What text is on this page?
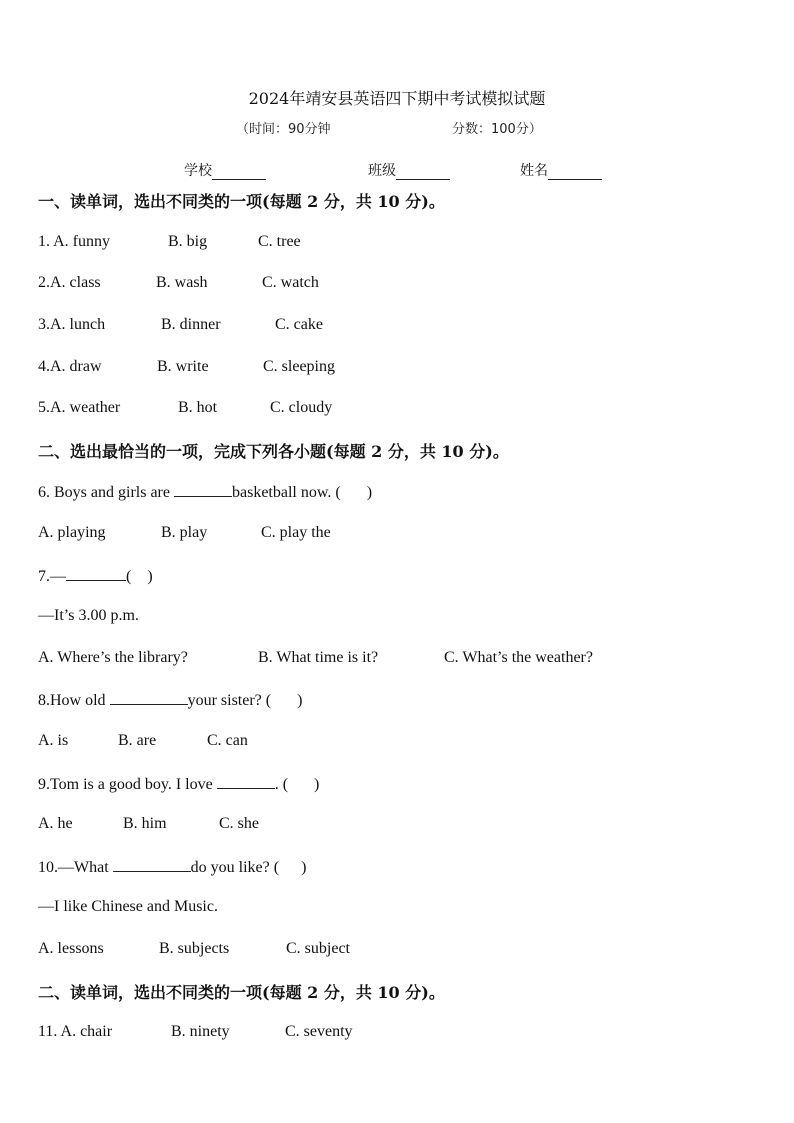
2024年靖安县英语四下期中考试模拟试题
（时间：90分钟	分数：100分）
学校	班级	姓名
一、读单词，选出不同类的一项(每题 2 分，共 10 分)。
1. A. funny	B. big	C. tree
2.A. class	B. wash	C. watch
3.A. lunch	B. dinner	C. cake
4.A. draw	B. write	C. sleeping
5.A. weather	B. hot	C. cloudy
二、选出最恰当的一项，完成下列各小题(每题 2 分，共 10 分)。
6. Boys and girls are	basketball now. ( )
A. playing	B. play	C. play the
7.—	( )
—It’s 3.00 p.m.
A. Where’s the library?	B. What time is it?	C. What’s the weather?
8.How old	your sister? ( )
A. is	B. are	C. can
9.Tom is a good boy. I love	. ( )
A. he	B. him	C. she
10.—What	do you like? ( )
—I like Chinese and Music.
A. lessons	B. subjects	C. subject
二、读单词，选出不同类的一项(每题 2 分，共 10 分)。
11. A. chair	B. ninety	C. seventy
